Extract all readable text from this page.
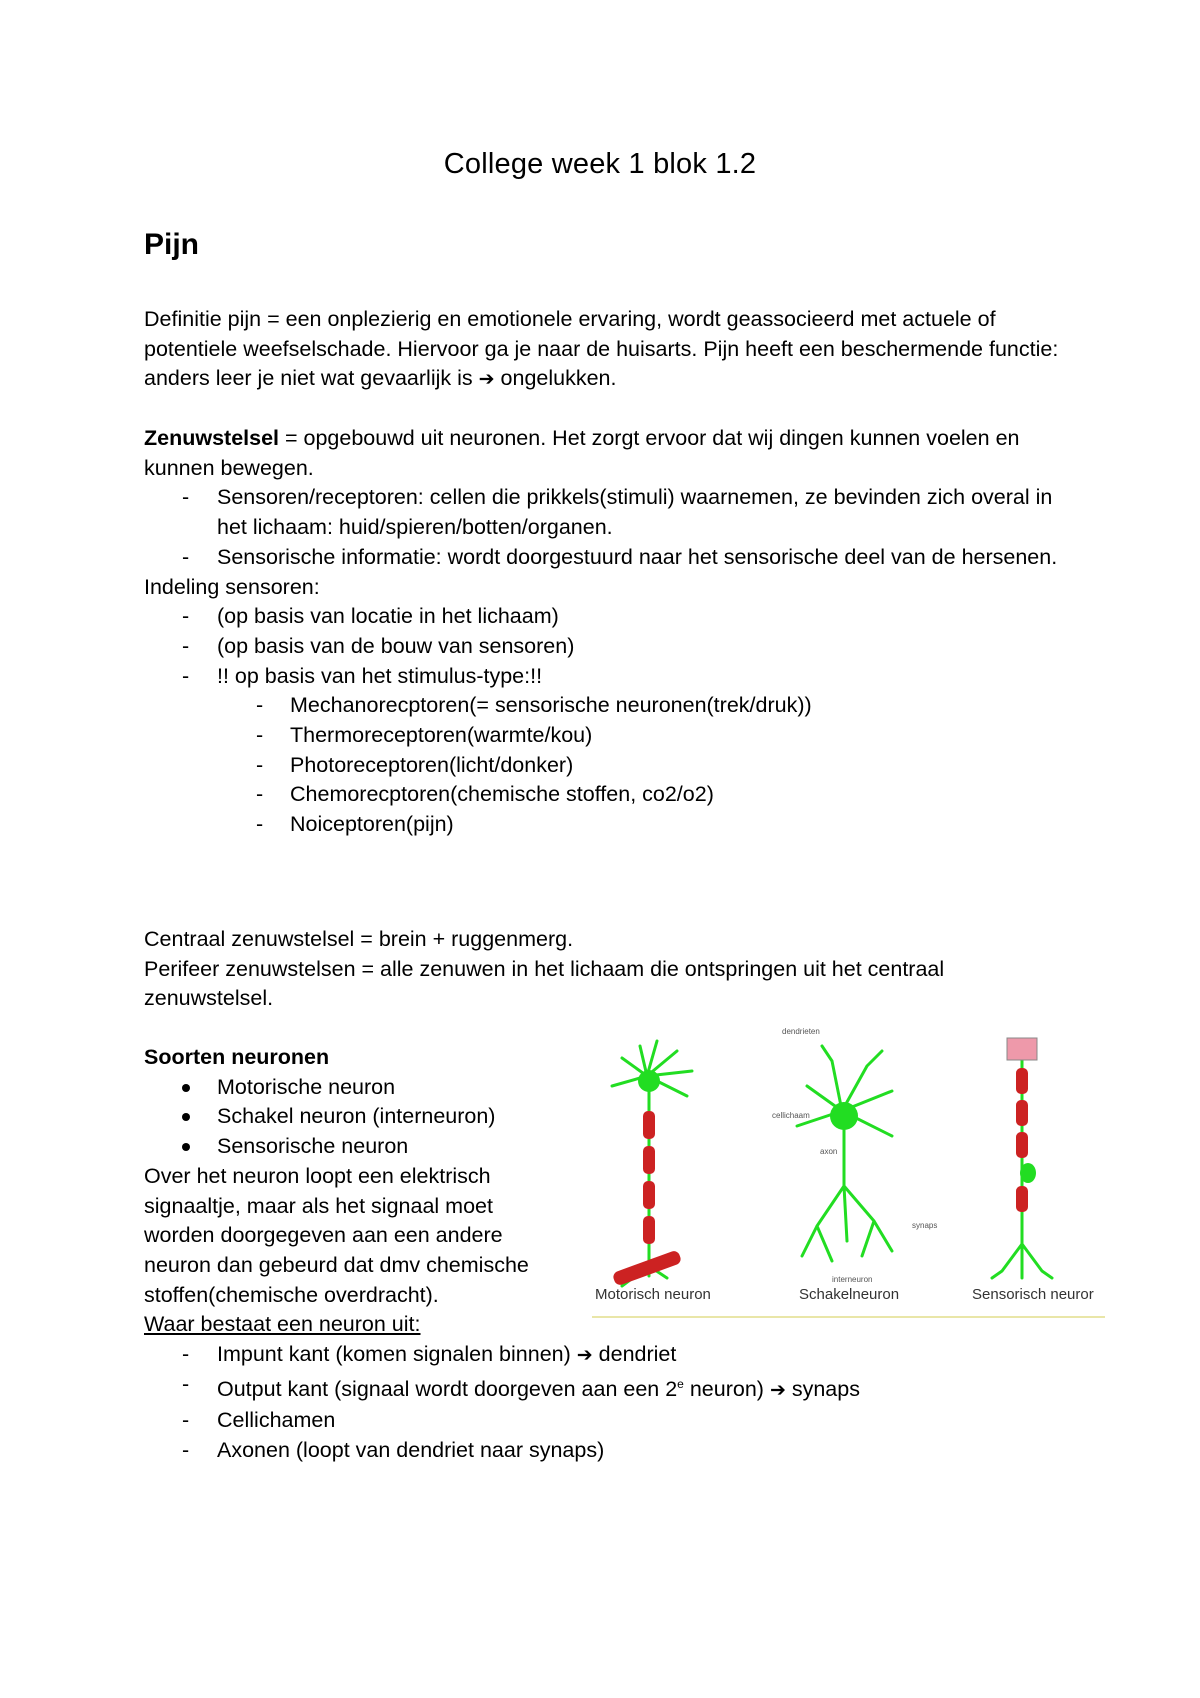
College week 1 blok 1.2
Pijn

Definitie pijn = een onplezierig en emotionele ervaring, wordt geassocieerd met actuele of potentiele weefselschade. Hiervoor ga je naar de huisarts. Pijn heeft een beschermende functie: anders leer je niet wat gevaarlijk is ➔ ongelukken.

Zenuwstelsel = opgebouwd uit neuronen. Het zorgt ervoor dat wij dingen kunnen voelen en kunnen bewegen.

- Sensoren/receptoren: cellen die prikkels(stimuli) waarnemen, ze bevinden zich overal in het lichaam: huid/spieren/botten/organen.
- Sensorische informatie: wordt doorgestuurd naar het sensorische deel van de hersenen.

Indeling sensoren:

- (op basis van locatie in het lichaam)
- (op basis van de bouw van sensoren)
- !! op basis van het stimulus-type:!!
- Mechanorecptoren(= sensorische neuronen(trek/druk))
- Thermoreceptoren(warmte/kou)
- Photoreceptoren(licht/donker)
- Chemorecptoren(chemische stoffen, co2/o2)
- Noiceptoren(pijn)

Centraal zenuwstelsel = brein + ruggenmerg.

Perifeer zenuwstelsen = alle zenuwen in het lichaam die ontspringen uit het centraal zenuwstelsel.

Soorten neuronen

Motorische neuron
Schakel neuron (interneuron)
Sensorische neuron

Over het neuron loopt een elektrisch signaaltje, maar als het signaal moet worden doorgegeven aan een andere neuron dan gebeurd dat dmv chemische stoffen(chemische overdracht).

Waar bestaat een neuron uit:

- Impunt kant (komen signalen binnen) ➔ dendriet
- Output kant (signaal wordt doorgeven aan een 2e neuron) ➔ synaps
- Cellichamen
- Axonen (loopt van dendriet naar synaps)
dendrieten
cellichaam
axon
synaps
interneuron
Motorisch neuron	Schakelneuron	Sensorisch neuror
